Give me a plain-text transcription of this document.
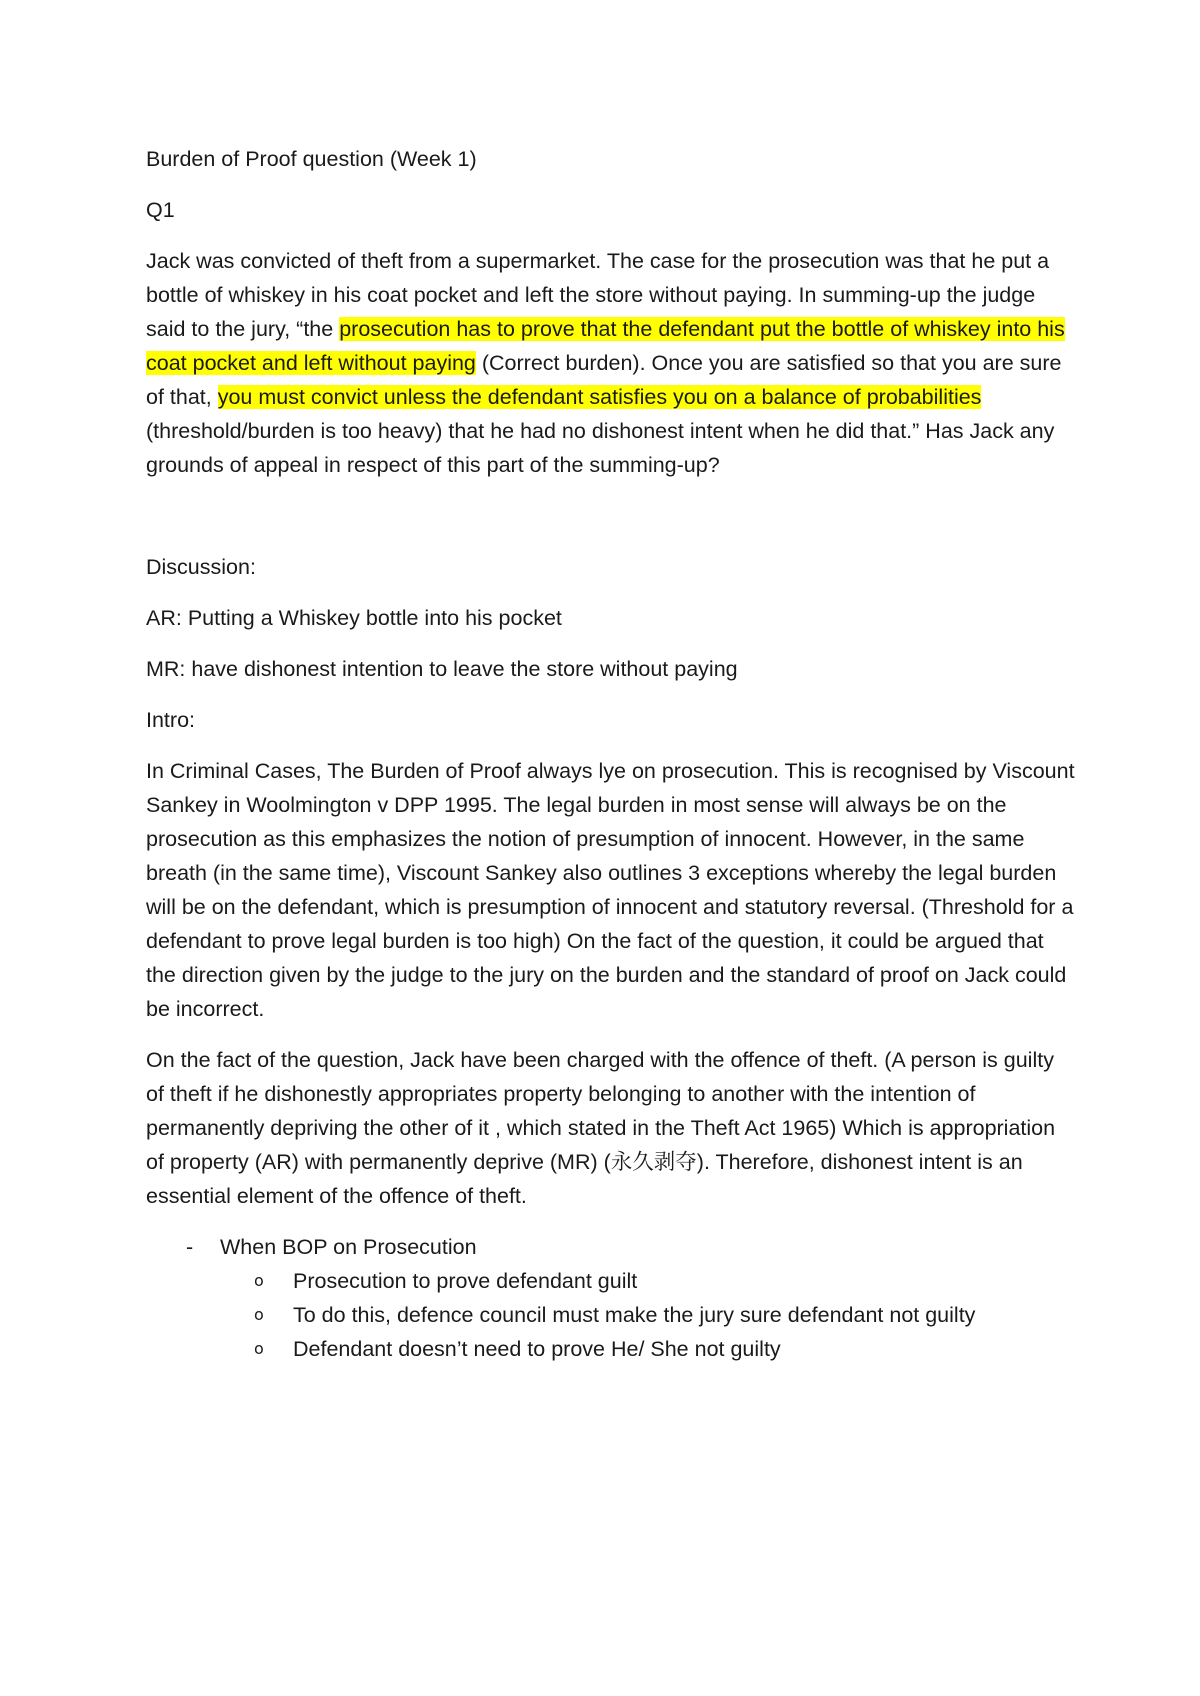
Burden of Proof question (Week 1)

Q1

Jack was convicted of theft from a supermarket. The case for the prosecution was that he put a bottle of whiskey in his coat pocket and left the store without paying. In summing-up the judge said to the jury, “the prosecution has to prove that the defendant put the bottle of whiskey into his coat pocket and left without paying (Correct burden). Once you are satisfied so that you are sure of that, you must convict unless the defendant satisfies you on a balance of probabilities (threshold/burden is too heavy) that he had no dishonest intent when he did that.” Has Jack any grounds of appeal in respect of this part of the summing-up?

Discussion:

AR: Putting a Whiskey bottle into his pocket

MR: have dishonest intention to leave the store without paying

Intro:

In Criminal Cases, The Burden of Proof always lye on prosecution. This is recognised by Viscount Sankey in Woolmington v DPP 1995. The legal burden in most sense will always be on the prosecution as this emphasizes the notion of presumption of innocent. However, in the same breath (in the same time), Viscount Sankey also outlines 3 exceptions whereby the legal burden will be on the defendant, which is presumption of innocent and statutory reversal. (Threshold for a defendant to prove legal burden is too high) On the fact of the question, it could be argued that the direction given by the judge to the jury on the burden and the standard of proof on Jack could be incorrect.

On the fact of the question, Jack have been charged with the offence of theft. (A person is guilty of theft if he dishonestly appropriates property belonging to another with the intention of permanently depriving the other of it , which stated in the Theft Act 1965) Which is appropriation of property (AR) with permanently deprive (MR) (永久剥夺). Therefore, dishonest intent is an essential element of the offence of theft.

- When BOP on Prosecution
o Prosecution to prove defendant guilt
o To do this, defence council must make the jury sure defendant not guilty
o Defendant doesn’t need to prove He/ She not guilty
